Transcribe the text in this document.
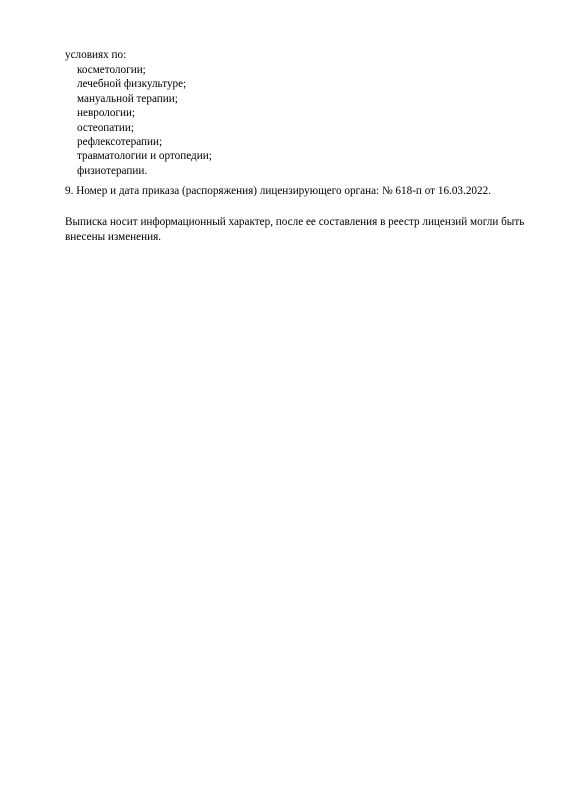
условиях по:
косметологии;
лечебной физкультуре;
мануальной терапии;
неврологии;
остеопатии;
рефлексотерапии;
травматологии и ортопедии;
физиотерапии.
9. Номер и дата приказа (распоряжения) лицензирующего органа: № 618-п от 16.03.2022.

Выписка носит информационный характер, после ее составления в реестр лицензий могли быть внесены изменения.
